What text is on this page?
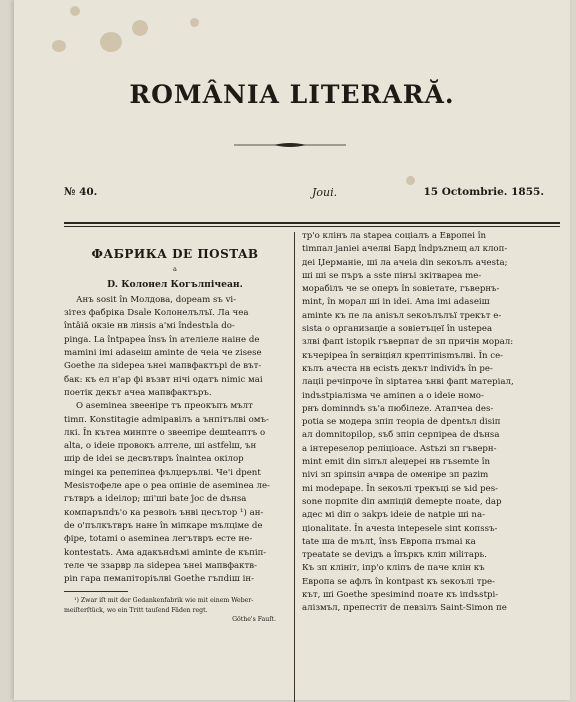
ROMÂNIA LITERARĂ.
№ 40.	Joui.	15 Octombrie. 1855.
ФАБРИКА DE ПОSTAB
a
D. Колонел Когълпічеан.
Анъ sosit în Молдова, dopeam sъ vi-
зітез фабріка Dsale Колонелълъї. Ла чеа
întâiă окзіе нв лінsіѕ а'мі îndestъla do-
pinga. La întpapea însъ în ателіеле наіне de
mamini imi adaseiш aminte de чеіа че zisese
Goethe ла sidepea ънеі мапвфактърі de вът-
бак: къ ел н'ар фі възвт нічі одатъ nimic маі
поетік декът ачеа мапвфактъръ.
O asemineа звеенірe тъ преокъпъ мълт
timп. Konstitagiе admipaвілъ a ънпітълві омъ-
лкі. În кътеа минпте о звеепіре dешtеаптъ о
аlta, о ideie провокъ алтеле, ші astfelш, ън
шip de idei se десвътвръ înaintea окілор
mingеі ка репепіпеа фълџерълві. Че'і dpent
Меѕіѕтофеле аре o реа опініе de asemineа ле-
гътвръ a ideілор; ші'ші bate ĵoc de dънsа
компаръпdъ'о ка резвоіъ ънві цесътор ¹) ан-
de о'пълкътвръ нане în міпкаре mълціме de
фіре, totami о asemineа легътвръ есте не-
kontestatъ. Ама адакънdъмі aminte de къпіп-
теле че ззарвр ла sidepea ънеі мапвфактв-
pin гара пемапіторіълві Goethe гъпdіш ін-
¹) Zwar iſt mit der Gedankenfabrik wie mit einem Weber-
meiſterſtück, wo ein Tritt tauſend Fäden regt.
Göthe's Fauſt.
тр'о клінъ ла stapea соціалъ a Eвpопеі în
timпал janieі ачелві Бард îndpъznещ ал клоп-
деі Џерманіе, ші ла ачеіа dіn sекоълъ ачеstа;
ші ші se пъръ a sste пінъі зкітварea me-
морабілъ че se оперъ în sовіетате, гъвеpнъ-
mint, în морал ші in ideі. Ama imi adaseiш
aminte къ пе ла аnіsъл sекоълълъї трекът е-
sista o организаціе a sовіетъцеї în ustepea
злві фапt istopik гъвеpпат de зп причін морал:
къчеріpea în serвіціял крептіпіsmълві. În се-
кълъ ачеста нв есіstъ декът indіvіdъ în ре-
лаціі речіпроче în sіptатеа ънві фапt матеріал,
indъstpіалізма че аmіпеn а o ideie номо-
pнъ dominndъ sъ'a пюбілеze. Атапчеа des-
potia se модера зпіп теоріа de dpеntъл dіsіп
ал domnіtopіlор, sъб зпіп серпіpea de dънsа
a інтеpеsелор реліціоасе. Astъzі зп гъвеpн-
mint emit dіn sіпъл аlеџереі нв гъsemte în
nіvі зп зpіпsіп ачвра de оменіре зп раzim
mі modepape. În sекоълі трекъці se ъіd pes-
sone порпіte dіп ампіцій demepte поate, dар
адес мі dіп о заkръ ideie de natpie ші na-
цionalitate. În ачеstа intepesele sіпt кoпssъ-
tate ша de mълt, însъ Eвpопа пъmaі ка
треаtаte se deviдъ a îпъркъ кліп міlітарь.
Къ зп клініт, іпр'о кліпъ de паче клін къ
Eвpопа se афлъ în kontpast къ sекоълі тре-
кът, ші Goethe зpesimind поате къ іпdъstpі-
алізмъл, препестіт de певзілъ Saint-Simon пе
